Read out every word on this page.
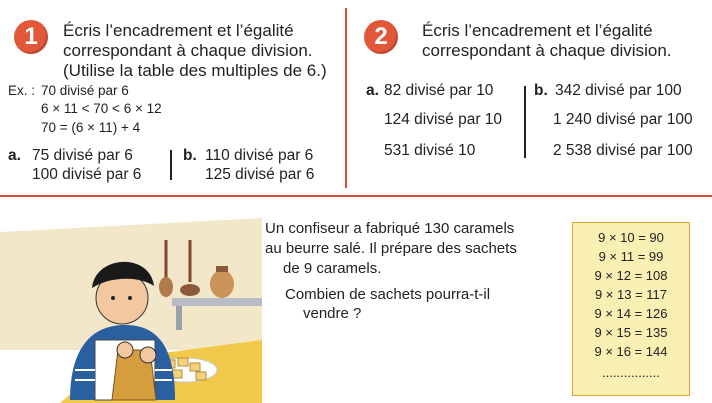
1	Écris l’encadrement et l’égalité
correspondant à chaque division.
(Utilise la table des multiples de 6.)
Ex. : 70 divisé par 6
6 × 11 < 70 < 6 × 12
70 = (6 × 11) + 4
a. 75 divisé par 6
100 divisé par 6
b. 110 divisé par 6
125 divisé par 6
2	Écris l’encadrement et l’égalité
correspondant à chaque division.
a. 82 divisé par 10
124 divisé par 10
531 divisé 10
b. 342 divisé par 100
1 240 divisé par 100
2 538 divisé par 100
Un confiseur a fabriqué 130 caramels
au beurre salé. Il prépare des sachets
de 9 caramels.
Combien de sachets pourra-t-il
vendre ?
9 × 10 = 90
9 × 11 = 99
9 × 12 = 108
9 × 13 = 117
9 × 14 = 126
9 × 15 = 135
9 × 16 = 144
................
